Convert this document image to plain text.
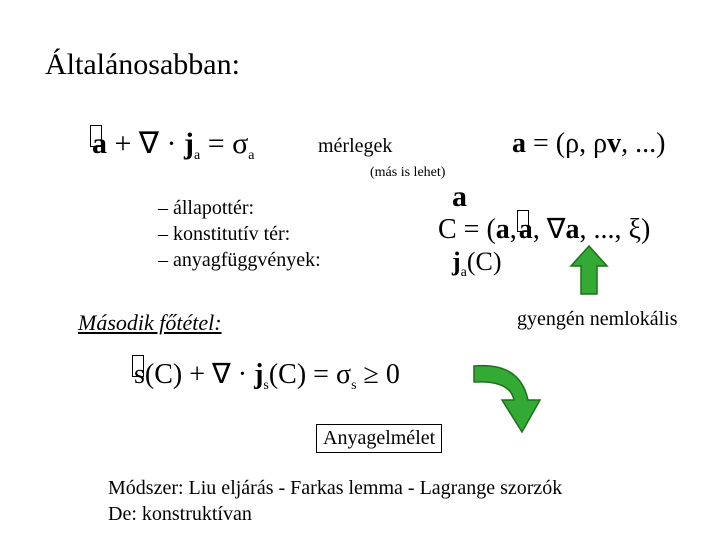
Általánosabban:
a + ∇ · $j_a = \sigma_a$	mérlegek
(más is lehet)
a = (ρ, ρv, ...)
– állapottér:
– konstitutív tér:
– anyagfüggvények:
a
C = (a,a, ∇a, ..., ξ)
$j_a(C)$
Második főtétel:	gyengén nemlokális
s(C) + ∇ · $j_s(C) = \sigma_s \ge 0$
Anyagelmélet
Módszer: Liu eljárás - Farkas lemma - Lagrange szorzók
De: konstruktívan
